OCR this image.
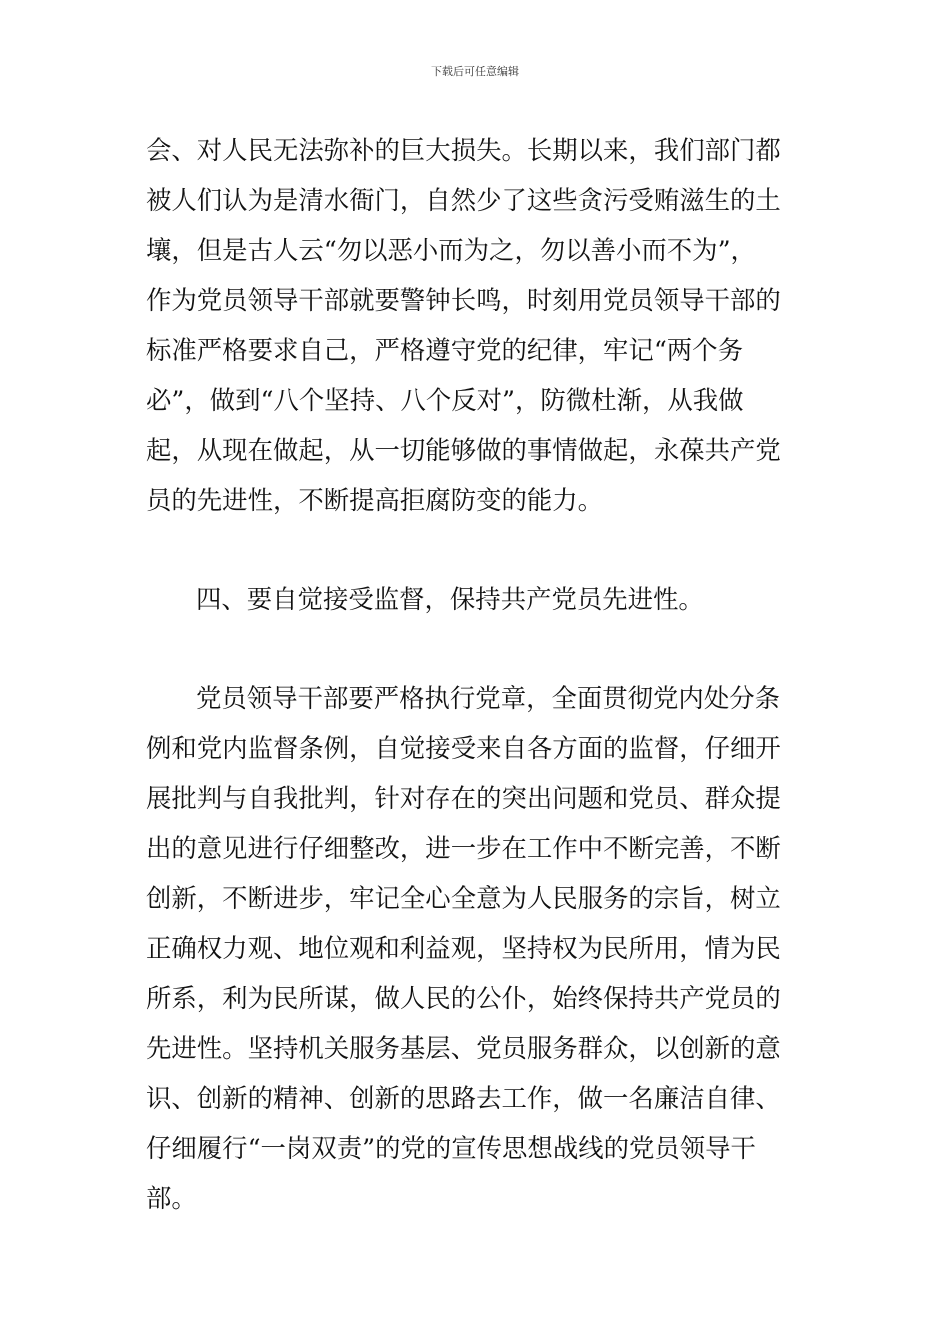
下载后可任意编辑
会、对人民无法弥补的巨大损失。长期以来，我们部门都
被人们认为是清水衙门，自然少了这些贪污受贿滋生的土
壤，但是古人云“勿以恶小而为之，勿以善小而不为”，
作为党员领导干部就要警钟长鸣，时刻用党员领导干部的
标准严格要求自己，严格遵守党的纪律，牢记“两个务
必”，做到“八个坚持、八个反对”，防微杜渐，从我做
起，从现在做起，从一切能够做的事情做起，永葆共产党
员的先进性，不断提高拒腐防变的能力。
四、要自觉接受监督，保持共产党员先进性。
党员领导干部要严格执行党章，全面贯彻党内处分条
例和党内监督条例，自觉接受来自各方面的监督，仔细开
展批判与自我批判，针对存在的突出问题和党员、群众提
出的意见进行仔细整改，进一步在工作中不断完善，不断
创新，不断进步，牢记全心全意为人民服务的宗旨，树立
正确权力观、地位观和利益观，坚持权为民所用，情为民
所系，利为民所谋，做人民的公仆，始终保持共产党员的
先进性。坚持机关服务基层、党员服务群众，以创新的意
识、创新的精神、创新的思路去工作，做一名廉洁自律、
仔细履行“一岗双责”的党的宣传思想战线的党员领导干
部。
